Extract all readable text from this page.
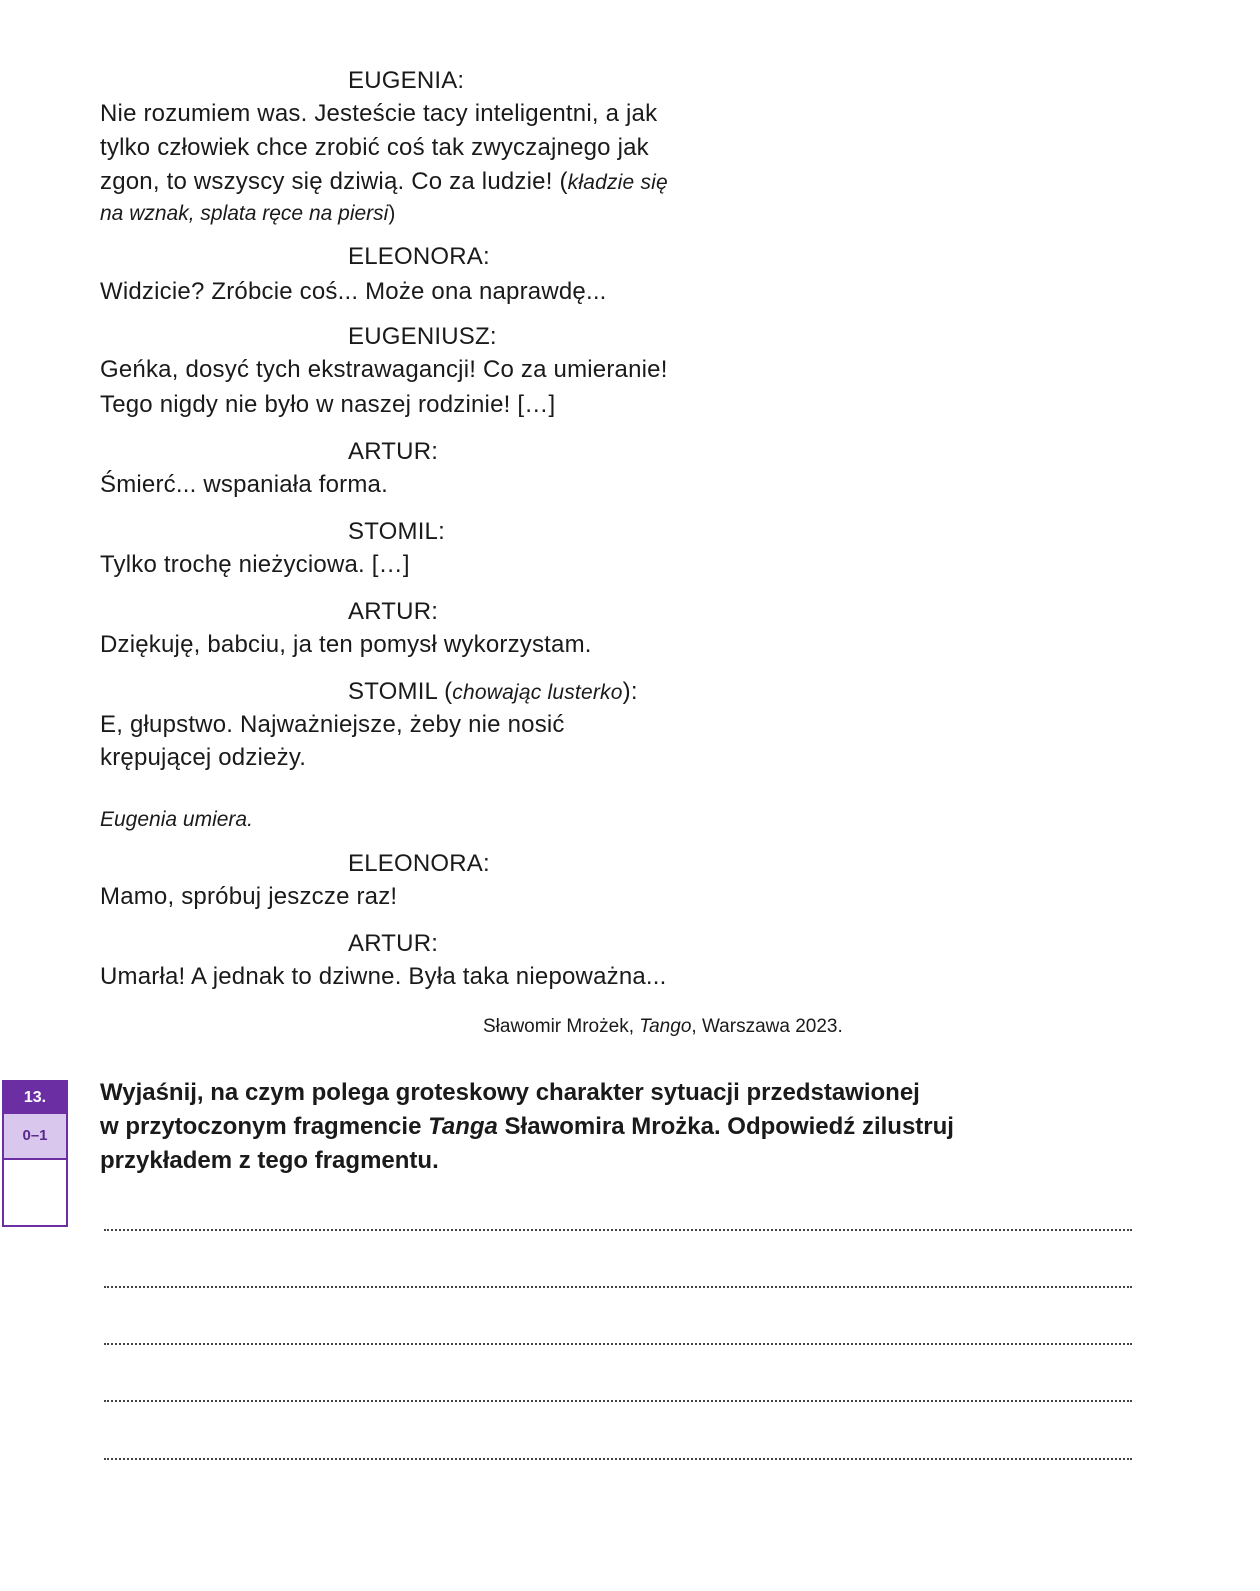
EUGENIA:
Nie rozumiem was. Jesteście tacy inteligentni, a jak
tylko człowiek chce zrobić coś tak zwyczajnego jak
zgon, to wszyscy się dziwią. Co za ludzie! (kładzie się
na wznak, splata ręce na piersi)
ELEONORA:
Widzicie? Zróbcie coś... Może ona naprawdę...
EUGENIUSZ:
Geńka, dosyć tych ekstrawagancji! Co za umieranie!
Tego nigdy nie było w naszej rodzinie! […]
ARTUR:
Śmierć... wspaniała forma.
STOMIL:
Tylko trochę nieżyciowa. […]
ARTUR:
Dziękuję, babciu, ja ten pomysł wykorzystam.
STOMIL (chowając lusterko):
E, głupstwo. Najważniejsze, żeby nie nosić
krępującej odzieży.
Eugenia umiera.
ELEONORA:
Mamo, spróbuj jeszcze raz!
ARTUR:
Umarła! A jednak to dziwne. Była taka niepoważna...
Sławomir Mrożek, Tango, Warszawa 2023.
13.
0–1
Wyjaśnij, na czym polega groteskowy charakter sytuacji przedstawionej
w przytoczonym fragmencie Tanga Sławomira Mrożka. Odpowiedź zilustruj
przykładem z tego fragmentu.
